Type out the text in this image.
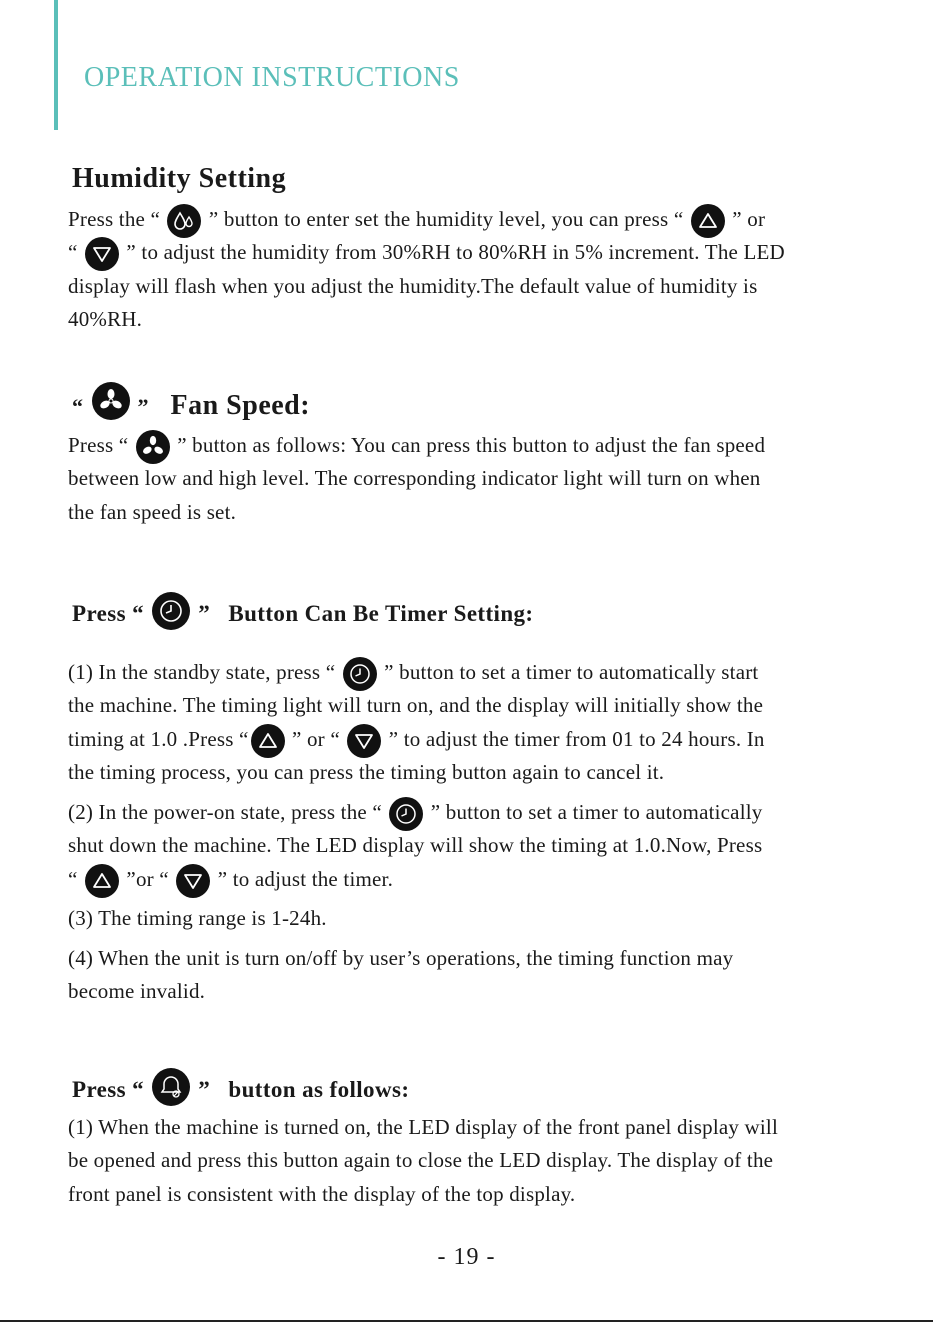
OPERATION INSTRUCTIONS
Humidity Setting
Press the “
” button to enter set the humidity level, you can press “
” or
“
” to adjust the humidity from 30%RH to 80%RH in 5% increment. The LED
display will flash when you adjust the humidity.The default value of humidity is
40%RH.
“
” Fan Speed:
Press “
” button as follows: You can press this button to adjust the fan speed
between low and high level. The corresponding indicator light will turn on when
the fan speed is set.
Press “
” Button Can Be Timer Setting:
(1) In the standby state, press “
” button to set a timer to automatically start
the machine. The timing light will turn on, and the display will initially show the
timing at 1.0 .Press “
” or “
” to adjust the timer from 01 to 24 hours. In
the timing process, you can press the timing button again to cancel it.
(2) In the power-on state, press the “
” button to set a timer to automatically
shut down the machine. The LED display will show the timing at 1.0.Now, Press
“
”or “
” to adjust the timer.
(3) The timing range is 1-24h.
(4) When the unit is turn on/off by user’s operations, the timing function may
become invalid.
Press “
” button as follows:
(1) When the machine is turned on, the LED display of the front panel display will
be opened and press this button again to close the LED display. The display of the
front panel is consistent with the display of the top display.
- 19 -
